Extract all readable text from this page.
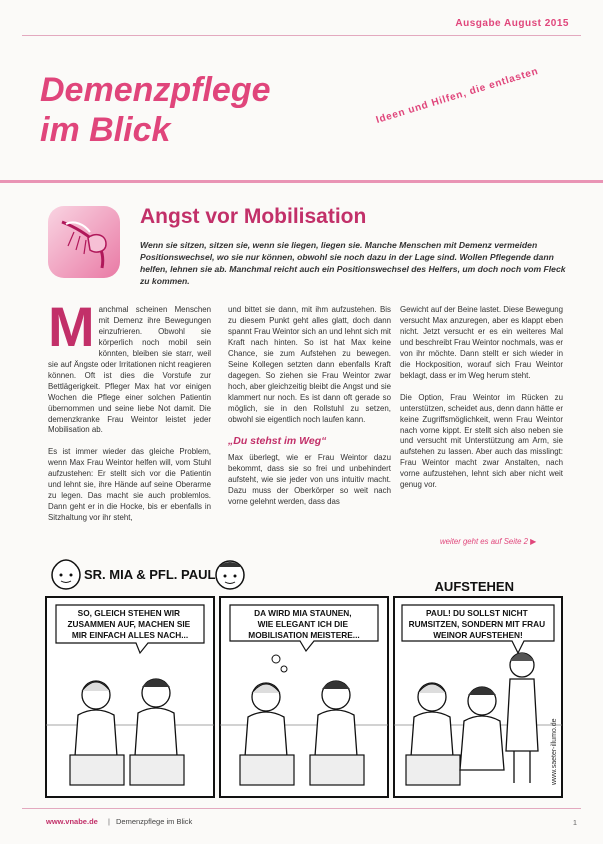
Ausgabe August 2015
Demenzpflege
im Blick
Ideen und Hilfen, die entlasten
Angst vor Mobilisation
Wenn sie sitzen, sitzen sie, wenn sie liegen, liegen sie. Manche Menschen mit Demenz vermeiden Positionswechsel, wo sie nur können, obwohl sie noch dazu in der Lage sind. Wollen Pflegende dann helfen, lehnen sie ab. Manchmal reicht auch ein Positionswechsel des Helfers, um doch noch vom Fleck zu kommen.

Manchmal scheinen Menschen mit Demenz ihre Bewegungen einzufrieren. Obwohl sie körperlich noch mobil sein könnten, bleiben sie starr, weil sie auf Ängste oder Irritationen nicht reagieren können. Oft ist dies die Vorstufe zur Bettlägerigkeit. Pfleger Max hat vor einigen Wochen die Pflege einer solchen Patientin übernommen und seine liebe Not damit. Die demenzkranke Frau Weintor leistet jeder Mobilisation ab.

Es ist immer wieder das gleiche Problem, wenn Max Frau Weintor helfen will, vom Stuhl aufzustehen: Er stellt sich vor die Patientin und lehnt sie, ihre Hände auf seine Oberarme zu legen. Das macht sie auch problemlos. Dann geht er in die Hocke, bis er ebenfalls in Sitzhaltung vor ihr steht,

und bittet sie dann, mit ihm aufzustehen. Bis zu diesem Punkt geht alles glatt, doch dann spannt Frau Weintor sich an und lehnt sich mit Kraft nach hinten. So ist hat Max keine Chance, sie zum Aufstehen zu bewegen. Seine Kollegen setzten dann ebenfalls Kraft dagegen. So ziehen sie Frau Weintor zwar hoch, aber gleichzeitig bleibt die Angst und sie klammert nur noch. Es ist dann oft gerade so möglich, sie in den Rollstuhl zu setzen, obwohl sie eigentlich noch laufen kann.

„Du stehst im Weg“

Max überlegt, wie er Frau Weintor dazu bekommt, dass sie so frei und unbehindert aufsteht, wie sie jeder von uns intuitiv macht. Dazu muss der Oberkörper so weit nach vorne gelehnt werden, dass das

Gewicht auf der Beine lastet. Diese Bewegung versucht Max anzuregen, aber es klappt eben nicht. Jetzt versucht er es ein weiteres Mal und beschreibt Frau Weintor nochmals, was er von ihr möchte. Dann stellt er sich wieder in die Hockposition, worauf sich Frau Weintor beklagt, dass er im Weg herum steht.

Die Option, Frau Weintor im Rücken zu unterstützen, scheidet aus, denn dann hätte er keine Zugriffsmöglichkeit, wenn Frau Weintor nach vorne kippt. Er stellt sich also neben sie und versucht mit Unterstützung am Arm, sie aufstehen zu lassen. Aber auch das misslingt: Frau Weintor macht zwar Anstalten, nach vorne aufzustehen, lehnt sich aber nicht weit genug vor.

weiter geht es auf Seite 2 ▶
SR. MIA & PFL. PAUL
AUFSTEHEN
SO, GLEICH STEHEN WIR ZUSAMMEN AUF, MACHEN SIE MIR EINFACH ALLES NACH...
DA WIRD MIA STAUNEN, WIE ELEGANT ICH DIE MOBILISATION MEISTERE...
PAUL! DU SOLLST NICHT RUMSITZEN, SONDERN MIT FRAU WEINOR AUFSTEHEN!
www.saeter-illumo.de
www.vnabe.de | Demenzpflege im Blick	1
